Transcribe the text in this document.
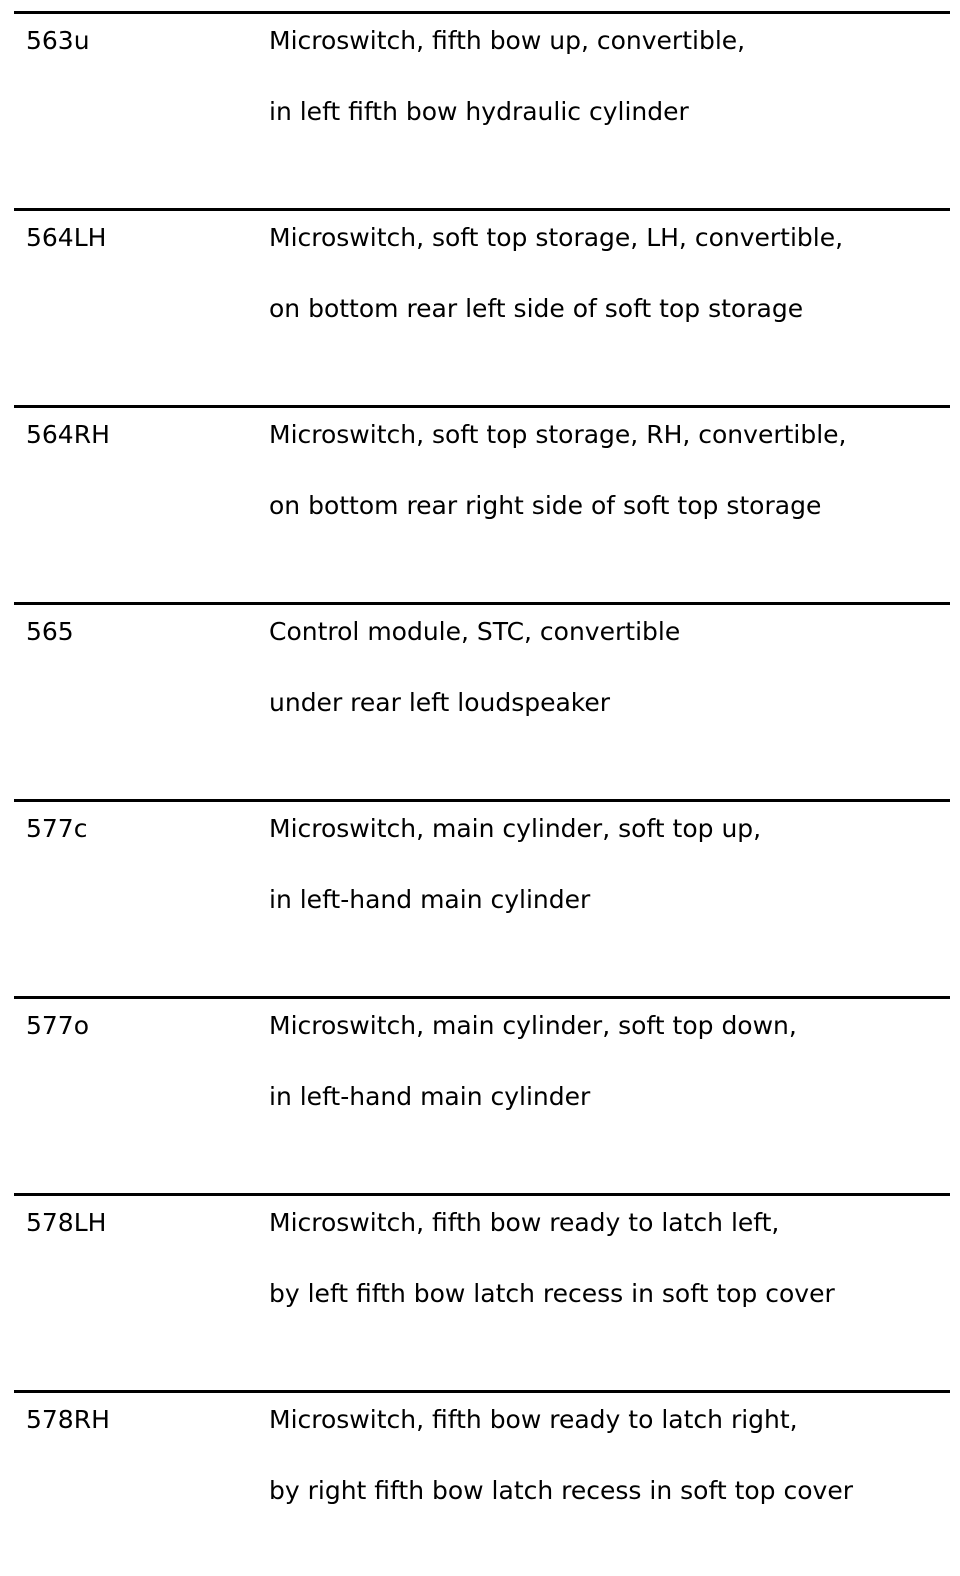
563u	Microswitch, fifth bow up, convertible,
in left fifth bow hydraulic cylinder
564LH	Microswitch, soft top storage, LH, convertible,
on bottom rear left side of soft top storage
564RH	Microswitch, soft top storage, RH, convertible,
on bottom rear right side of soft top storage
565	Control module, STC, convertible
under rear left loudspeaker
577c	Microswitch, main cylinder, soft top up,
in left-hand main cylinder
577o	Microswitch, main cylinder, soft top down,
in left-hand main cylinder
578LH	Microswitch, fifth bow ready to latch left,
by left fifth bow latch recess in soft top cover
578RH	Microswitch, fifth bow ready to latch right,
by right fifth bow latch recess in soft top cover
